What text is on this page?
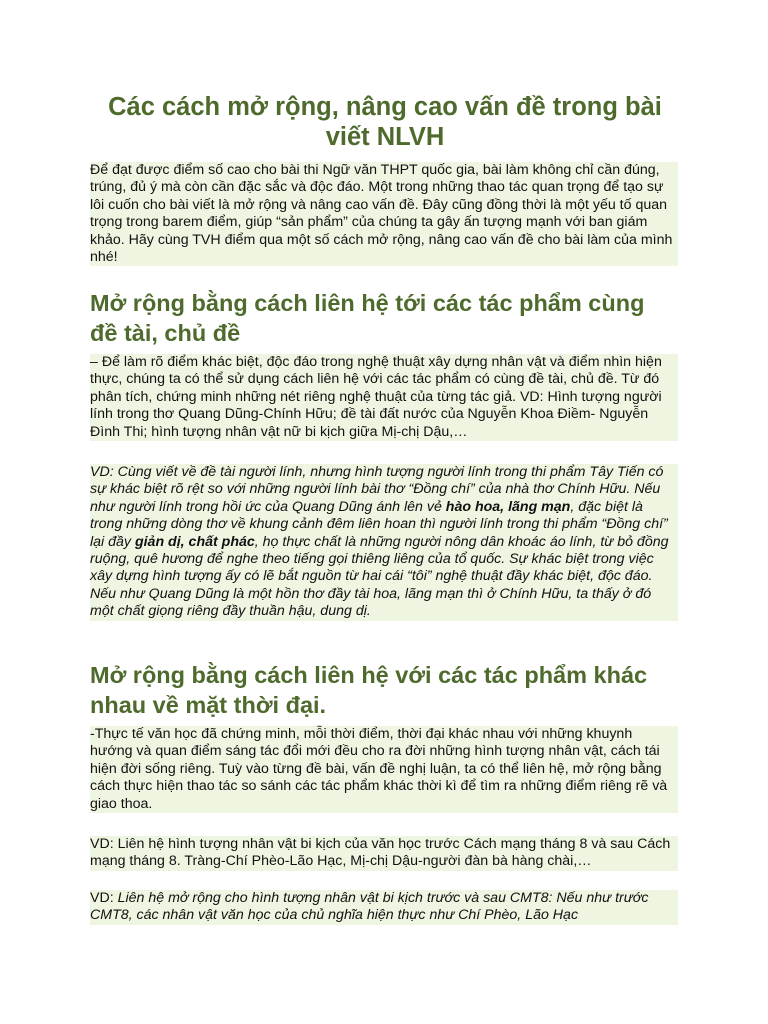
Các cách mở rộng, nâng cao vấn đề trong bài viết NLVH

Để đạt được điểm số cao cho bài thi Ngữ văn THPT quốc gia, bài làm không chỉ cần đúng, trúng, đủ ý mà còn cần đặc sắc và độc đáo. Một trong những thao tác quan trọng để tạo sự lôi cuốn cho bài viết là mở rộng và nâng cao vấn đề. Đây cũng đồng thời là một yếu tố quan trọng trong barem điểm, giúp “sản phẩm” của chúng ta gây ấn tượng mạnh với ban giám khảo. Hãy cùng TVH điểm qua một số cách mở rộng, nâng cao vấn đề cho bài làm của mình nhé!

Mở rộng bằng cách liên hệ tới các tác phẩm cùng đề tài, chủ đề

– Để làm rõ điểm khác biệt, độc đáo trong nghệ thuật xây dựng nhân vật và điểm nhìn hiện thực, chúng ta có thể sử dụng cách liên hệ với các tác phẩm có cùng đề tài, chủ đề. Từ đó phân tích, chứng minh những nét riêng nghệ thuật của từng tác giả. VD: Hình tượng người lính trong thơ Quang Dũng-Chính Hữu; đề tài đất nước của Nguyễn Khoa Điềm- Nguyễn Đình Thi; hình tượng nhân vật nữ bi kịch giữa Mị-chị Dậu,…

VD: Cùng viết về đề tài người lính, nhưng hình tượng người lính trong thi phẩm Tây Tiến có sự khác biệt rõ rệt so với những người lính bài thơ “Đồng chí” của nhà thơ Chính Hữu. Nếu như người lính trong hồi ức của Quang Dũng ánh lên vẻ hào hoa, lãng mạn, đặc biệt là trong những dòng thơ về khung cảnh đêm liên hoan thì người lính trong thi phẩm “Đồng chí” lại đầy giản dị, chất phác, họ thực chất là những người nông dân khoác áo lính, từ bỏ đồng ruộng, quê hương để nghe theo tiếng gọi thiêng liêng của tổ quốc. Sự khác biệt trong việc xây dựng hình tượng ấy có lẽ bắt nguồn từ hai cái “tôi” nghệ thuật đầy khác biệt, độc đáo. Nếu như Quang Dũng là một hồn thơ đầy tài hoa, lãng mạn thì ở Chính Hữu, ta thấy ở đó một chất giọng riêng đầy thuần hậu, dung dị.

Mở rộng bằng cách liên hệ với các tác phẩm khác nhau về mặt thời đại.

-Thực tế văn học đã chứng minh, mỗi thời điểm, thời đại khác nhau với những khuynh hướng và quan điểm sáng tác đổi mới đều cho ra đời những hình tượng nhân vật, cách tái hiện đời sống riêng. Tuỳ vào từng đề bài, vấn đề nghị luận, ta có thể liên hệ, mở rộng bằng cách thực hiện thao tác so sánh các tác phẩm khác thời kì để tìm ra những điểm riêng rẽ và giao thoa.

VD: Liên hệ hình tượng nhân vật bi kịch của văn học trước Cách mạng tháng 8 và sau Cách mạng tháng 8. Tràng-Chí Phèo-Lão Hạc, Mị-chị Dậu-người đàn bà hàng chài,…

VD: Liên hệ mở rộng cho hình tượng nhân vật bi kịch trước và sau CMT8: Nếu như trước CMT8, các nhân vật văn học của chủ nghĩa hiện thực như Chí Phèo, Lão Hạc
